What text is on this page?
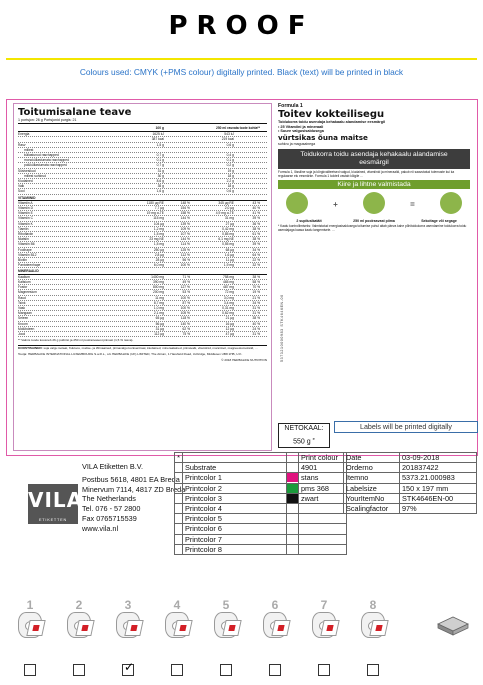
PROOF
Colours used: CMYK (+PMS colour) digitally printed. Black (text) will be printed in black
Toitumisalane teave
1 portsjon: 26 g Portsjonid purgis: 21
100 g	250 ml rasvata toote kohta**
Energia	1625 kJ	543 kJ
387 kcal	219 kcal
Rasv	1,5 g	0,6 g
millest
küllastunud rasvhapped	0,7 g	0,4 g
monoküllastumata rasvhapped	0,1 g	0,1 g
polüküllastumata rasvhapped	0,7 g	0,2 g
Süsivesikud	31 g	19 g
millest suhkrud	30 g	18 g
Kiudained	8,6 g	2,2 g
Valk	35 g	18 g
Sool	1,6 g	0,6 g
VITAMIINID
Vitamiin A	1180 µg RE	148 %	345 µg RE	43 %
Vitamiin D	7,7 µg	154 %	2,0 µg	40 %
Vitamiin E	19 mg α-TE	158 %	4,9 mg α-TE	41 %
Vitamiin C	115 mg	144 %	31 mg	39 %
Vitamiin K	104 µg	139 %	27 µg	36 %
Tiamiin	1,2 mg	109 %	0,42 mg	38 %
Riboflaviin	1,5 mg	107 %	0,85 mg	61 %
Niatsiin	23 mg NE	144 %	6,1 mg NE	38 %
Vitamiin B6	1,5 mg	114 %	0,55 mg	39 %
Foolhape	250 µg	125 %	68 µg	34 %
Vitamiin B12	2,8 µg	112 %	1,6 µg	64 %
Biotiin	28 µg	56 %	11 µg	22 %
Pantoteenhape	6,0 mg	100 %	1,9 mg	32 %
MINERAALID
Kaalium	1400 mg	71 %	758 mg	38 %
Kaltsium	390 mg	49 %	465 mg	58 %
Fosfor	800 mg	127 %	487 mg	70 %
Magneesium	200 mg	53 %	72 mg	19 %
Raud	11 mg	100 %	3,0 mg	21 %
Tsink	8,7 mg	87 %	3,4 mg	34 %
Vask	1,0 mg	100 %	0,31 mg	31 %
Mangaan	2,1 mg	105 %	0,62 mg	31 %
Seleen	65 µg	118 %	21 µg	38 %
Kroom	56 µg	140 %	16 µg	40 %
Molübdeen	31 µg	62 %	12 µg	24 %
Jood	112 µg	75 %	47 µg	31 %
** Valmis toode koosneb 26 g pulbrist ja 250 ml poolrasvasest piimast (1,5 % rasva).
KOOSTISAINED: soja valgu isolaat, fruktoos, maitse- ja lõhnaained, piimavalgu kontsentraat, kiudained, mineraalained, piimavalk, vitamiinid, mannitool, magneesiumoksiid, ...
Tootja: HERBALIFE INTERNATIONAL LUXEMBOURG S.a.R.L., c/o HERBALIFE (UK) LIMITED, The Atrium, 1 Harefield Road, Uxbridge, Middlesex UB8 1HB, U.K.
© 2018 HERBALIFE NUTRITION	5373210000983 STK4646EN-00
Formula 1
Toitev kokteilisegu
Toidukorra toidu asendaja kehakaalu alandamise eesmärgil
• 25 Vitamiini ja mineraali
• Suure valgusisaldusega
vürtsikas õuna maitse
suhkru ja magusainega
Toidukorra toidu asendaja kehakaalu alandamise eesmärgil
Formula 1, lõssiline soja ja kõrgkvaliteetsed valgud, kiudained, vitamiinid ja mineraalid, pakub nii saavutatud tulemuste kui ka regulaarse elu eesmärke. Formula 1 kokteil vastab kõigile ...
Kiire ja lihtne valmistada
+	=
2 supilusikatäit	250 ml poolrasvast piima	Sekoitage või segage
* Kaalu kontrollimiseks: Valmistatud energiasisaldusega toitumise puhul aitab päeva kahe põhitoidukorra asendamine toidukorra toidu asendajaga kaasa kaalu langemisele. ...
NETOKAAL: 550 g $^e$
Labels will be printed digitally
VILA
ETIKETTEN
VILA Etiketten B.V.
Postbus 5618, 4801 EA Breda
Minervum 7114, 4817 ZD Breda
The Netherlands
Tel. 076 - 57 2800
Fax 0765715539
www.vila.nl
*			Print colour
	Substrate		4901
	Printcolor 1		stans
	Printcolor 2		pms 368
	Printcolor 3		zwart
	Printcolor 4		
	Printcolor 5		
	Printcolor 6		
	Printcolor 7		
	Printcolor 8		
Date	03-09-2018
Orderno	201837422
Itemno	5373.21.000983
Labelsize	150 x 197 mm
YourItemNo	STK4646EN-00
Scalingfactor	97%
1	2	3
✓
4	5	6	7	8
